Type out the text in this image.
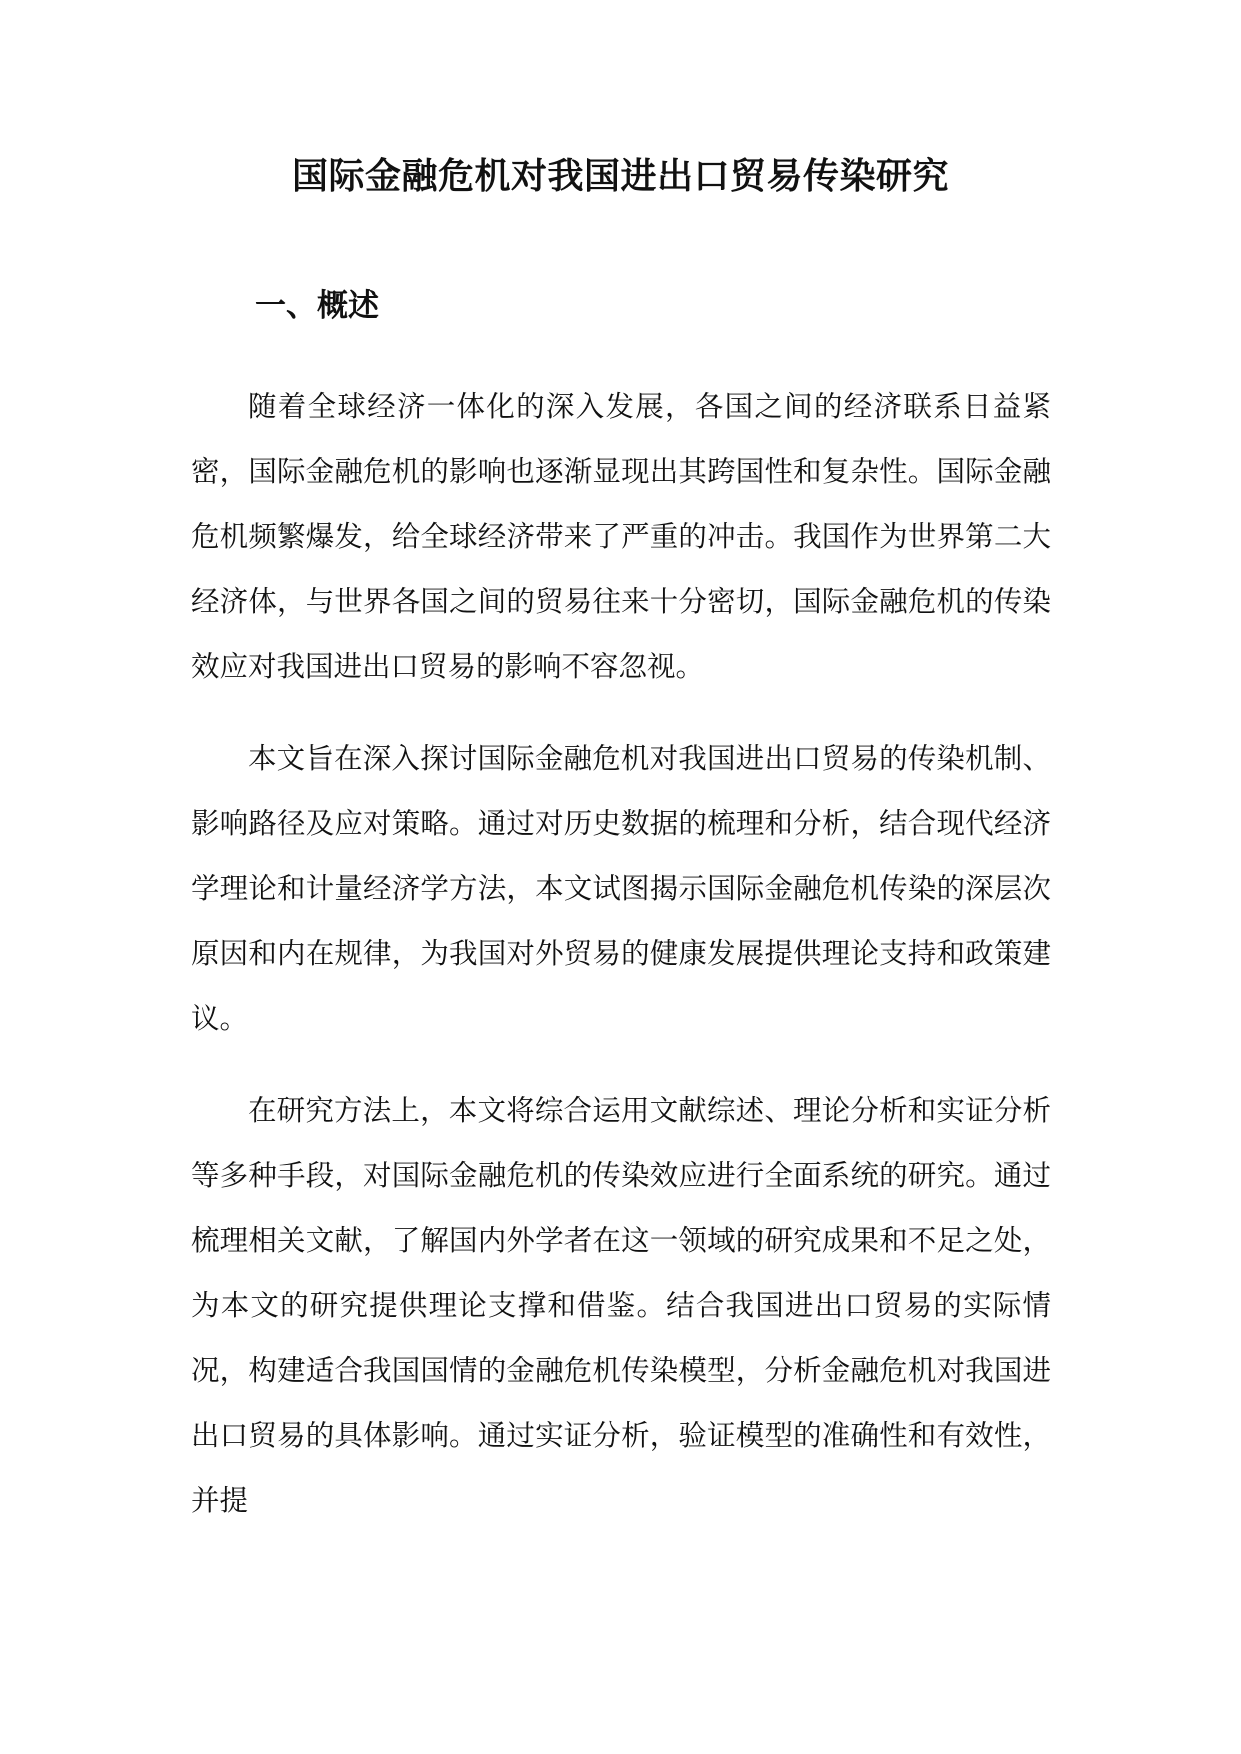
国际金融危机对我国进出口贸易传染研究
一、概述

随着全球经济一体化的深入发展，各国之间的经济联系日益紧密，国际金融危机的影响也逐渐显现出其跨国性和复杂性。国际金融危机频繁爆发，给全球经济带来了严重的冲击。我国作为世界第二大经济体，与世界各国之间的贸易往来十分密切，国际金融危机的传染效应对我国进出口贸易的影响不容忽视。

本文旨在深入探讨国际金融危机对我国进出口贸易的传染机制、影响路径及应对策略。通过对历史数据的梳理和分析，结合现代经济学理论和计量经济学方法，本文试图揭示国际金融危机传染的深层次原因和内在规律，为我国对外贸易的健康发展提供理论支持和政策建议。

在研究方法上，本文将综合运用文献综述、理论分析和实证分析等多种手段，对国际金融危机的传染效应进行全面系统的研究。通过梳理相关文献，了解国内外学者在这一领域的研究成果和不足之处，为本文的研究提供理论支撑和借鉴。结合我国进出口贸易的实际情况，构建适合我国国情的金融危机传染模型，分析金融危机对我国进出口贸易的具体影响。通过实证分析，验证模型的准确性和有效性，并提
